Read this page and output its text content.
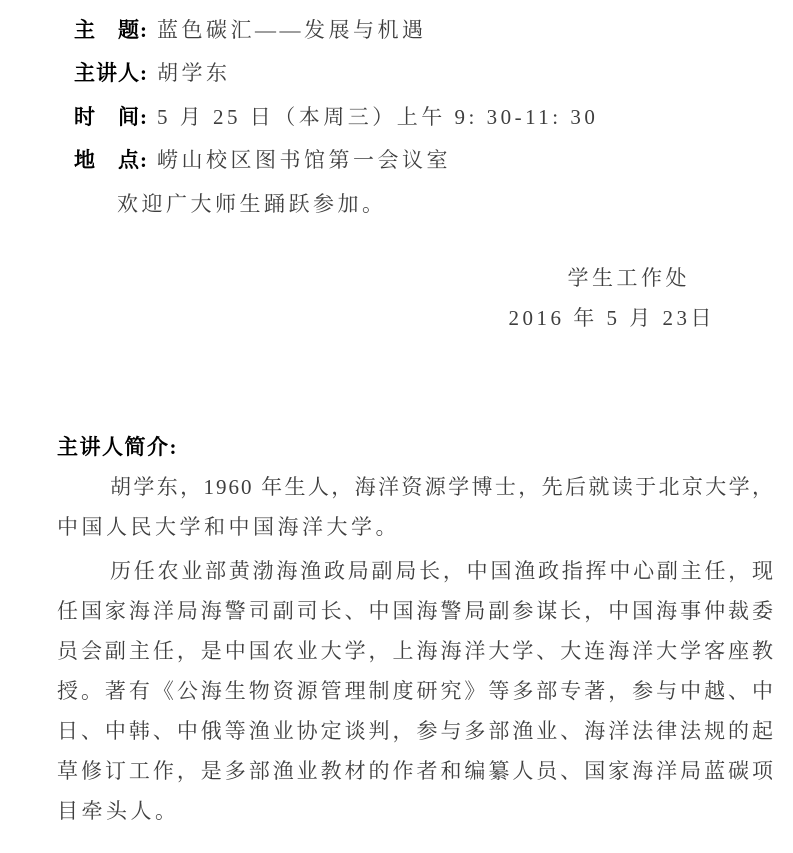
主　题: 蓝色碳汇——发展与机遇
主讲人: 胡学东
时　间: 5 月 25 日（本周三）上午 9: 30-11: 30
地　点: 崂山校区图书馆第一会议室
欢迎广大师生踊跃参加。
学生工作处
2016 年 5 月 23日
主讲人简介:
胡学东，1960 年生人，海洋资源学博士，先后就读于北京大学，
中国人民大学和中国海洋大学。
历任农业部黄渤海渔政局副局长，中国渔政指挥中心副主任，现
任国家海洋局海警司副司长、中国海警局副参谋长，中国海事仲裁委
员会副主任，是中国农业大学，上海海洋大学、大连海洋大学客座教
授。著有《公海生物资源管理制度研究》等多部专著，参与中越、中
日、中韩、中俄等渔业协定谈判，参与多部渔业、海洋法律法规的起
草修订工作，是多部渔业教材的作者和编纂人员、国家海洋局蓝碳项
目牵头人。
